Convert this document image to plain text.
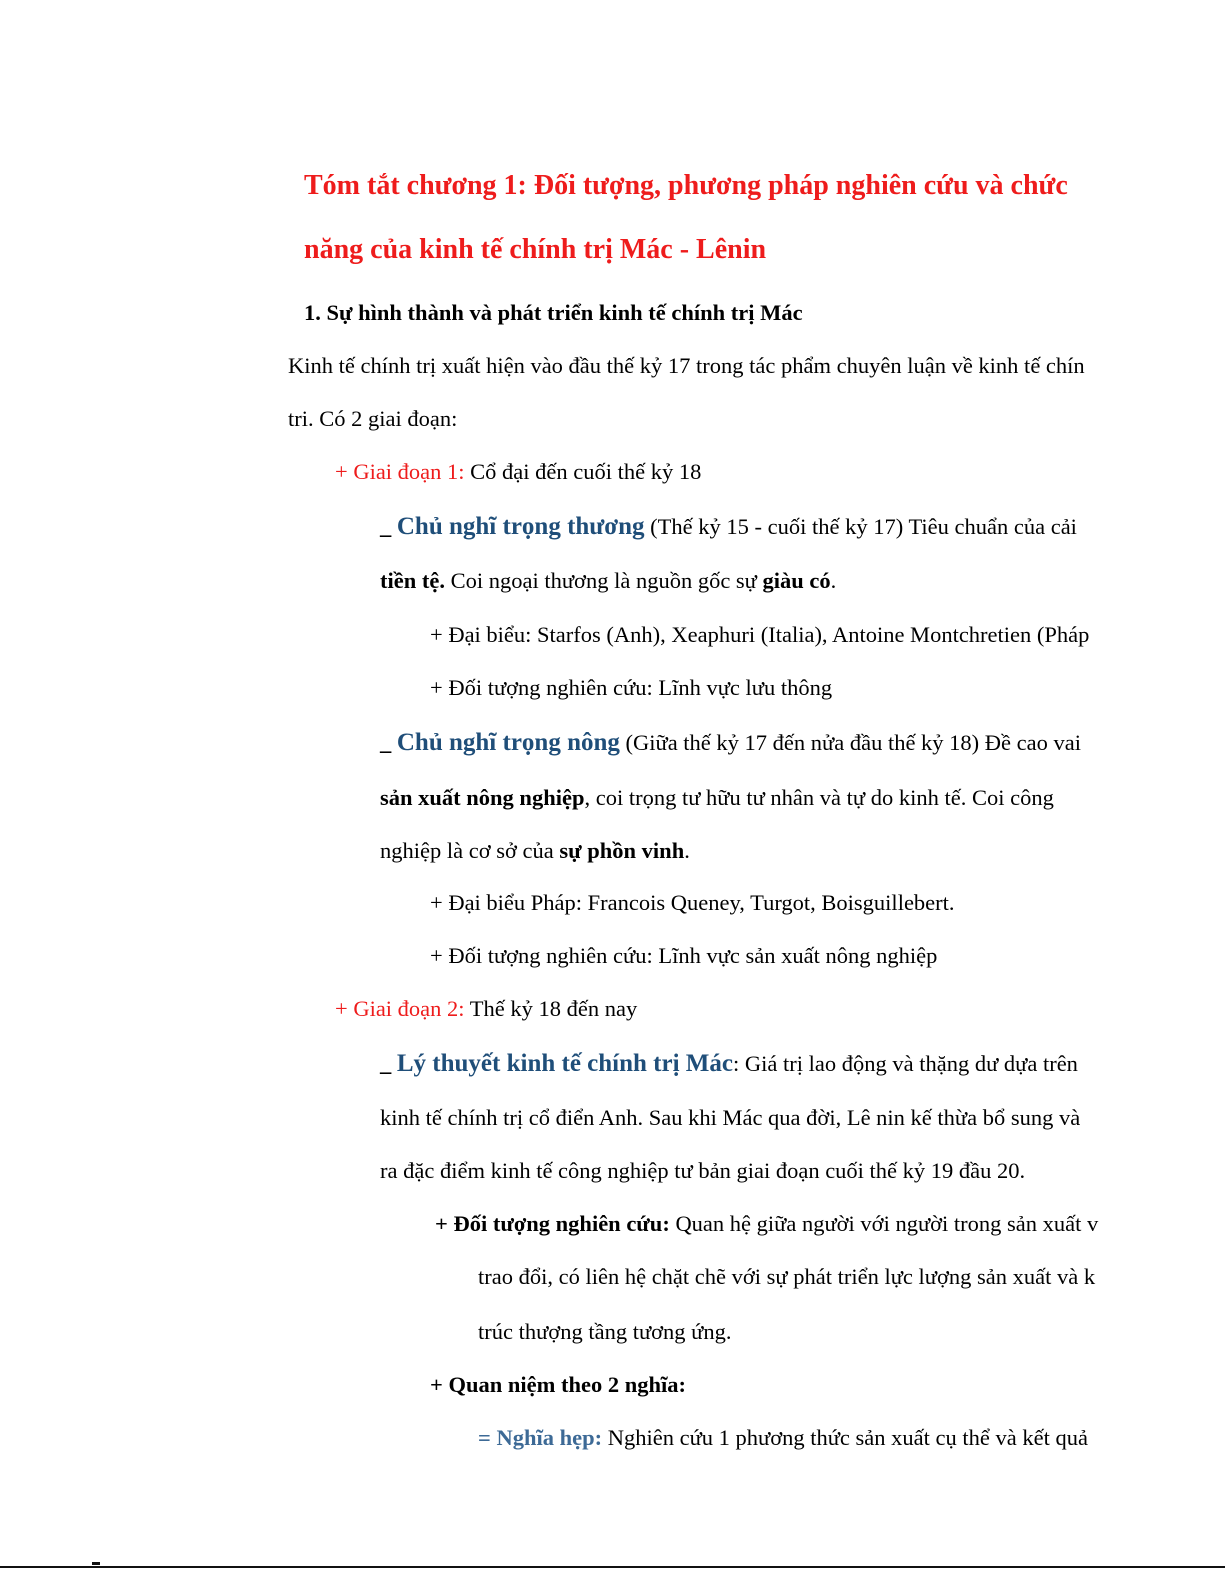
Tóm tắt chương 1: Đối tượng, phương pháp nghiên cứu và chức
năng của kinh tế chính trị Mác - Lênin
1. Sự hình thành và phát triển kinh tế chính trị Mác
Kinh tế chính trị xuất hiện vào đầu thế kỷ 17 trong tác phẩm chuyên luận về kinh tế chín
tri. Có 2 giai đoạn:
+ Giai đoạn 1: Cổ đại đến cuối thế kỷ 18
_ Chủ nghĩ trọng thương (Thế kỷ 15 - cuối thế kỷ 17) Tiêu chuẩn của cải
tiền tệ. Coi ngoại thương là nguồn gốc sự giàu có.
+ Đại biểu: Starfos (Anh), Xeaphuri (Italia), Antoine Montchretien (Pháp
+ Đối tượng nghiên cứu: Lĩnh vực lưu thông
_ Chủ nghĩ trọng nông (Giữa thế kỷ 17 đến nửa đầu thế kỷ 18) Đề cao vai
sản xuất nông nghiệp, coi trọng tư hữu tư nhân và tự do kinh tế. Coi công
nghiệp là cơ sở của sự phồn vinh.
+ Đại biểu Pháp: Francois Queney, Turgot, Boisguillebert.
+ Đối tượng nghiên cứu: Lĩnh vực sản xuất nông nghiệp
+ Giai đoạn 2: Thế kỷ 18 đến nay
_ Lý thuyết kinh tế chính trị Mác: Giá trị lao động và thặng dư dựa trên
kinh tế chính trị cổ điển Anh. Sau khi Mác qua đời, Lê nin kế thừa bổ sung và
ra đặc điểm kinh tế công nghiệp tư bản giai đoạn cuối thế kỷ 19 đầu 20.
+ Đối tượng nghiên cứu: Quan hệ giữa người với người trong sản xuất v
trao đổi, có liên hệ chặt chẽ với sự phát triển lực lượng sản xuất và k
trúc thượng tầng tương ứng.
+ Quan niệm theo 2 nghĩa:
= Nghĩa hẹp: Nghiên cứu 1 phương thức sản xuất cụ thể và kết quả
